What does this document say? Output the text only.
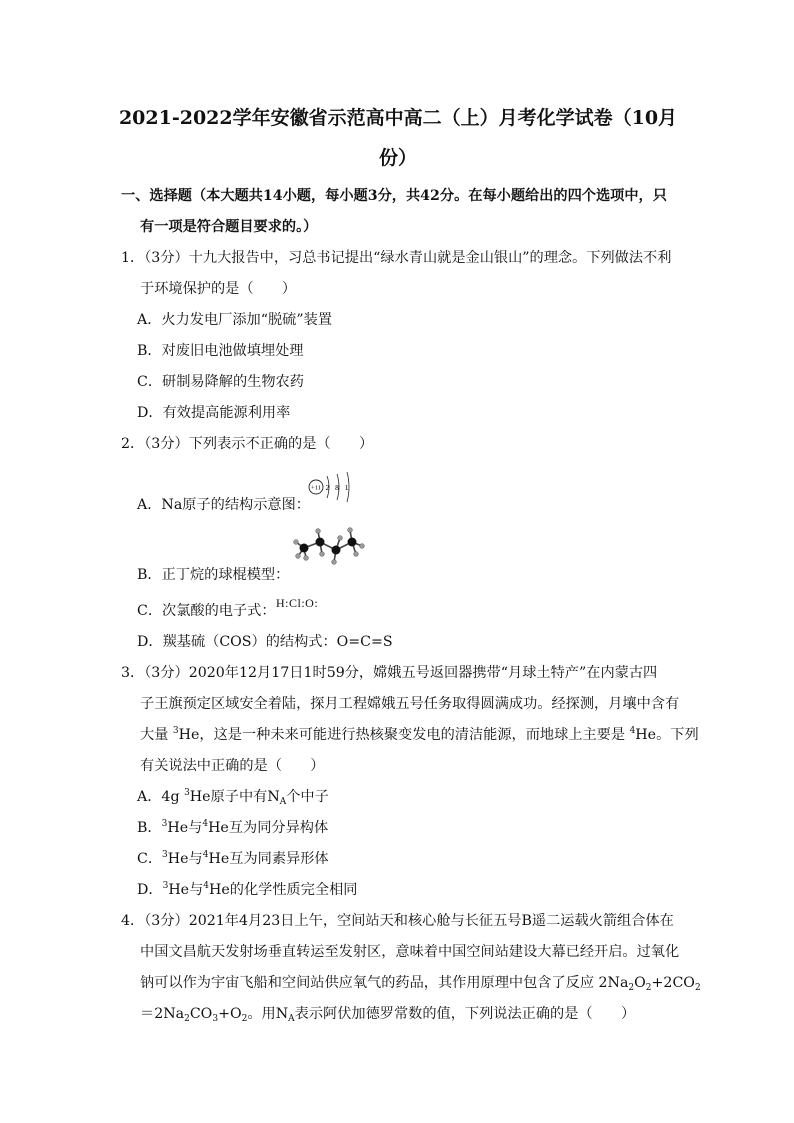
2021-2022学年安徽省示范高中高二（上）月考化学试卷（10月
份）
一、选择题（本大题共14小题，每小题3分，共42分。在每小题给出的四个选项中，只
有一项是符合题目要求的。）
1．（3分）十九大报告中，习总书记提出“绿水青山就是金山银山”的理念。下列做法不利
于环境保护的是（　　）
A．火力发电厂添加“脱硫”装置
B．对废旧电池做填埋处理
C．研制易降解的生物农药
D．有效提高能源利用率
2．（3分）下列表示不正确的是（　　）
A．Na原子的结构示意图：
+11 2 8 1
B．正丁烷的球棍模型：
C．次氯酸的电子式： H:Cl:O:
D．羰基硫（COS）的结构式：O=C=S
3．（3分）2020年12月17日1时59分，嫦娥五号返回器携带“月球土特产”在内蒙古四
子王旗预定区域安全着陆，探月工程嫦娥五号任务取得圆满成功。经探测，月壤中含有
大量 $^3$He，这是一种未来可能进行热核聚变发电的清洁能源，而地球上主要是 $^4$He。下列
有关说法中正确的是（　　）
A．4g $^3$He原子中有$N_A$个中子
B．$^3$He与$^4$He互为同分异构体
C．$^3$He与$^4$He互为同素异形体
D．$^3$He与$^4$He的化学性质完全相同
4．（3分）2021年4月23日上午，空间站天和核心舱与长征五号B遥二运载火箭组合体在
中国文昌航天发射场垂直转运至发射区，意味着中国空间站建设大幕已经开启。过氧化
钠可以作为宇宙飞船和空间站供应氧气的药品，其作用原理中包含了反应 $2Na_2O_2+2CO_2$
$=2Na_2CO_3+O_2$。用$N_A$表示阿伏加德罗常数的值，下列说法正确的是（　　）
